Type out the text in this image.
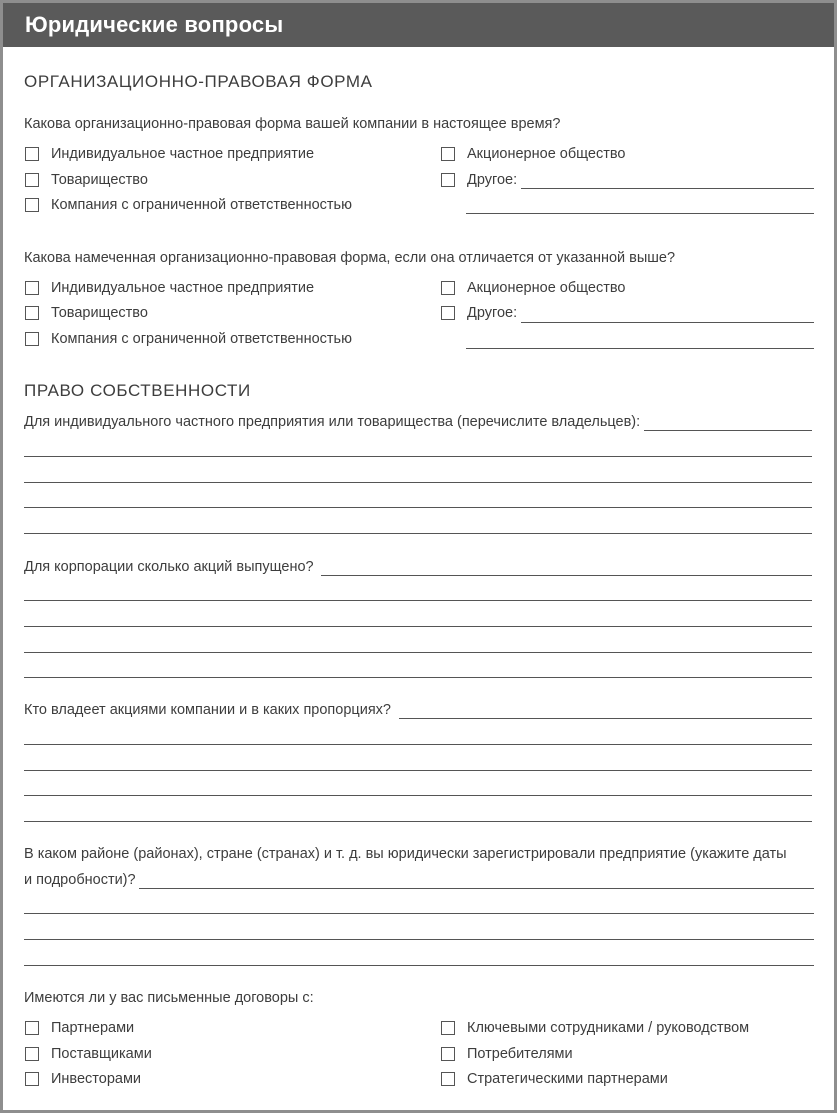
Юридические вопросы
ОРГАНИЗАЦИОННО-ПРАВОВАЯ ФОРМА
Какова организационно-правовая форма вашей компании в настоящее время?
Индивидуальное частное предприятие
Товарищество
Компания с ограниченной ответственностью
Акционерное общество
Другое:
Какова намеченная организационно-правовая форма, если она отличается от указанной выше?
Индивидуальное частное предприятие
Товарищество
Компания с ограниченной ответственностью
Акционерное общество
Другое:
ПРАВО СОБСТВЕННОСТИ
Для индивидуального частного предприятия или товарищества (перечислите владельцев):
Для корпорации сколько акций выпущено?
Кто владеет акциями компании и в каких пропорциях?
В каком районе (районах), стране (странах) и т. д. вы юридически зарегистрировали предприятие (укажите даты
и подробности)?
Имеются ли у вас письменные договоры с:
Партнерами
Поставщиками
Инвесторами
Ключевыми сотрудниками / руководством
Потребителями
Стратегическими партнерами
